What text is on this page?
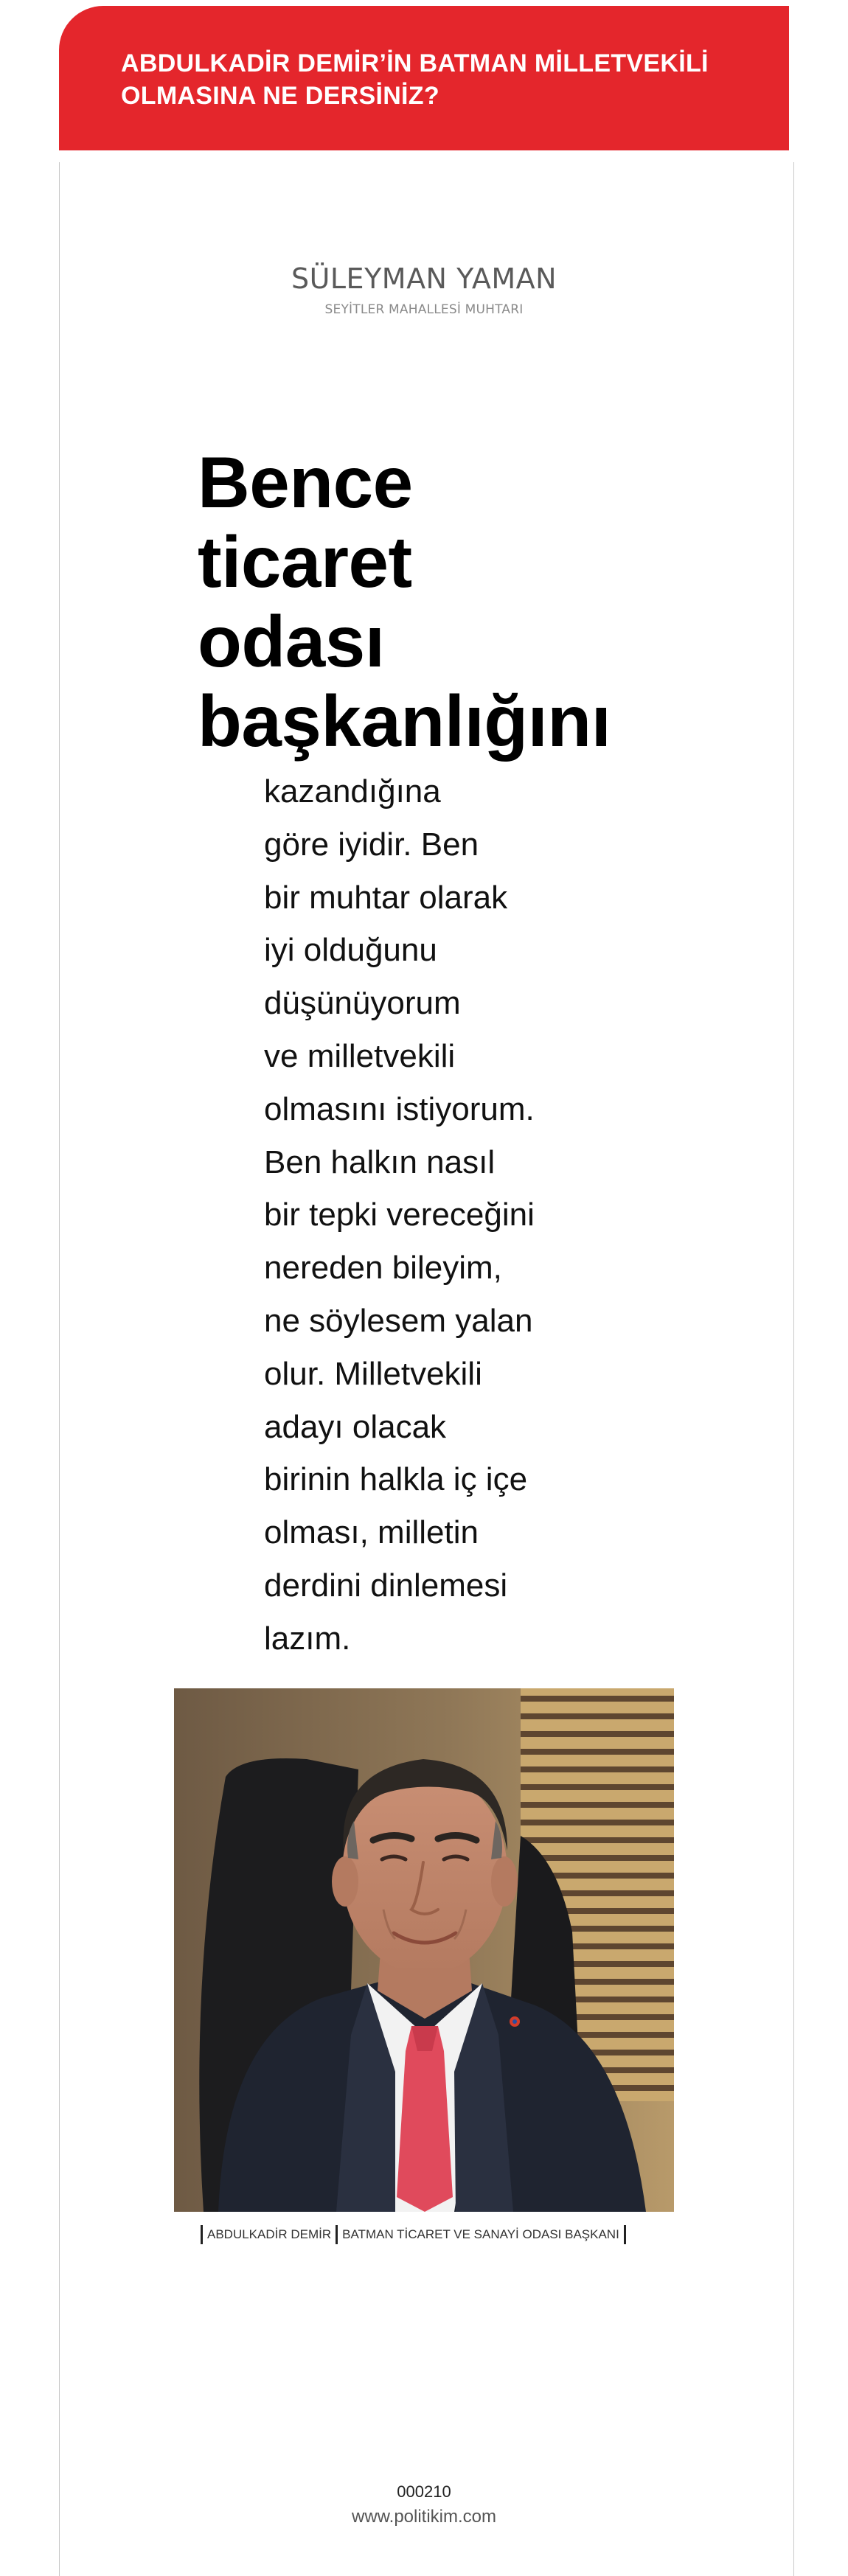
ABDULKADİR DEMİR’İN BATMAN MİLLETVEKİLİ OLMASINA NE DERSİNİZ?
SÜLEYMAN YAMAN
SEYİTLER MAHALLESİ MUHTARI
Bence
ticaret
odası
başkanlığını

kazandığına
göre iyidir. Ben
bir muhtar olarak
iyi olduğunu
düşünüyorum
ve milletvekili
olmasını istiyorum.
Ben halkın nasıl
bir tepki vereceğini
nereden bileyim,
ne söylesem yalan
olur. Milletvekili
adayı olacak
birinin halkla iç içe
olması, milletin
derdini dinlemesi
lazım.

ABDULKADİR DEMİR BATMAN TİCARET VE SANAYİ ODASI BAŞKANI
000210
www.politikim.com
